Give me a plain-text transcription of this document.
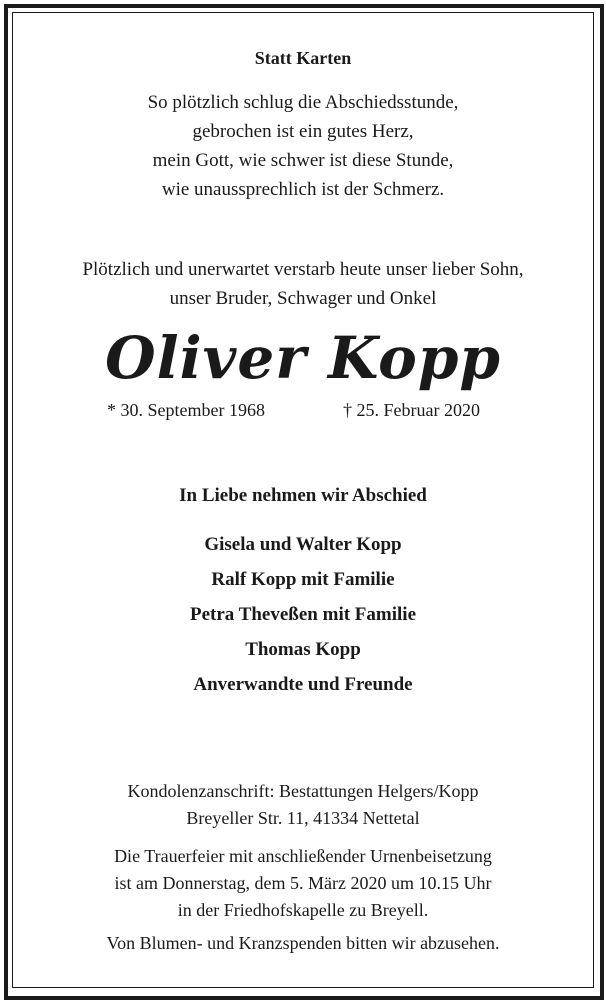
Statt Karten
So plötzlich schlug die Abschiedsstunde,
gebrochen ist ein gutes Herz,
mein Gott, wie schwer ist diese Stunde,
wie unaussprechlich ist der Schmerz.
Plötzlich und unerwartet verstarb heute unser lieber Sohn,
unser Bruder, Schwager und Onkel
Oliver Kopp
* 30. September 1968	† 25. Februar 2020
In Liebe nehmen wir Abschied
Gisela und Walter Kopp
Ralf Kopp mit Familie
Petra Theveßen mit Familie
Thomas Kopp
Anverwandte und Freunde
Kondolenzanschrift: Bestattungen Helgers/Kopp
Breyeller Str. 11, 41334 Nettetal
Die Trauerfeier mit anschließender Urnenbeisetzung
ist am Donnerstag, dem 5. März 2020 um 10.15 Uhr
in der Friedhofskapelle zu Breyell.
Von Blumen- und Kranzspenden bitten wir abzusehen.
